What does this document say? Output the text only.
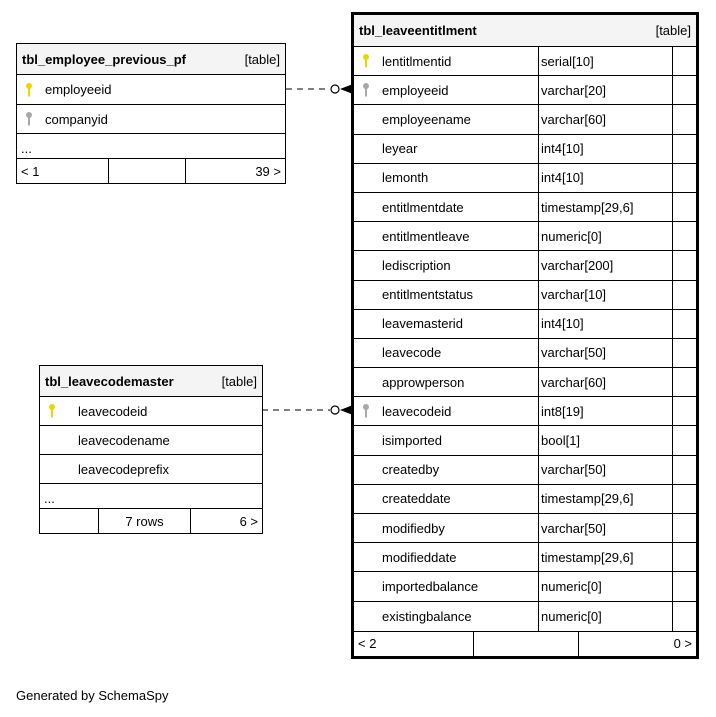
tbl_employee_previous_pf	[table]
employeeid
companyid
...
< 1	39 >
tbl_leavecodemaster	[table]
leavecodeid
leavecodename
leavecodeprefix
...
7 rows	6 >
tbl_leaveentitlment	[table]
lentitlmentid	serial[10]
employeeid	varchar[20]
employeename	varchar[60]
leyear	int4[10]
lemonth	int4[10]
entitlmentdate	timestamp[29,6]
entitlmentleave	numeric[0]
lediscription	varchar[200]
entitlmentstatus	varchar[10]
leavemasterid	int4[10]
leavecode	varchar[50]
approwperson	varchar[60]
leavecodeid	int8[19]
isimported	bool[1]
createdby	varchar[50]
createddate	timestamp[29,6]
modifiedby	varchar[50]
modifieddate	timestamp[29,6]
importedbalance	numeric[0]
existingbalance	numeric[0]
< 2	0 >
Generated by SchemaSpy
